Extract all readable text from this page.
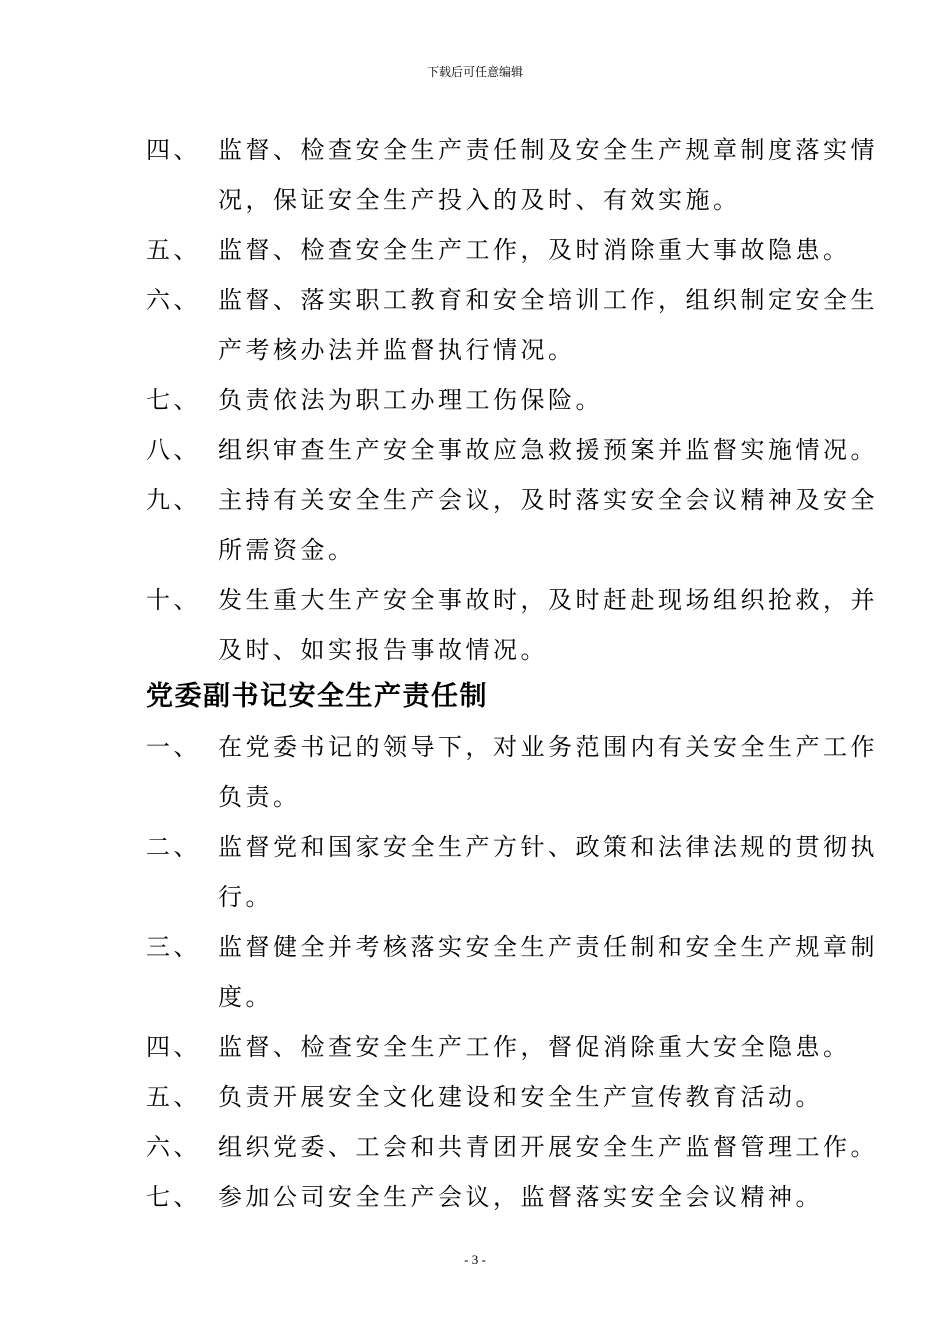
下载后可任意编辑
四、 监督、检查安全生产责任制及安全生产规章制度落实情
况，保证安全生产投入的及时、有效实施。
五、 监督、检查安全生产工作，及时消除重大事故隐患。
六、 监督、落实职工教育和安全培训工作，组织制定安全生
产考核办法并监督执行情况。
七、 负责依法为职工办理工伤保险。
八、 组织审查生产安全事故应急救援预案并监督实施情况。
九、 主持有关安全生产会议，及时落实安全会议精神及安全
所需资金。
十、 发生重大生产安全事故时，及时赶赴现场组织抢救，并
及时、如实报告事故情况。
党委副书记安全生产责任制
一、 在党委书记的领导下，对业务范围内有关安全生产工作
负责。
二、 监督党和国家安全生产方针、政策和法律法规的贯彻执
行。
三、 监督健全并考核落实安全生产责任制和安全生产规章制
度。
四、 监督、检查安全生产工作，督促消除重大安全隐患。
五、 负责开展安全文化建设和安全生产宣传教育活动。
六、 组织党委、工会和共青团开展安全生产监督管理工作。
七、 参加公司安全生产会议，监督落实安全会议精神。
- 3 -
